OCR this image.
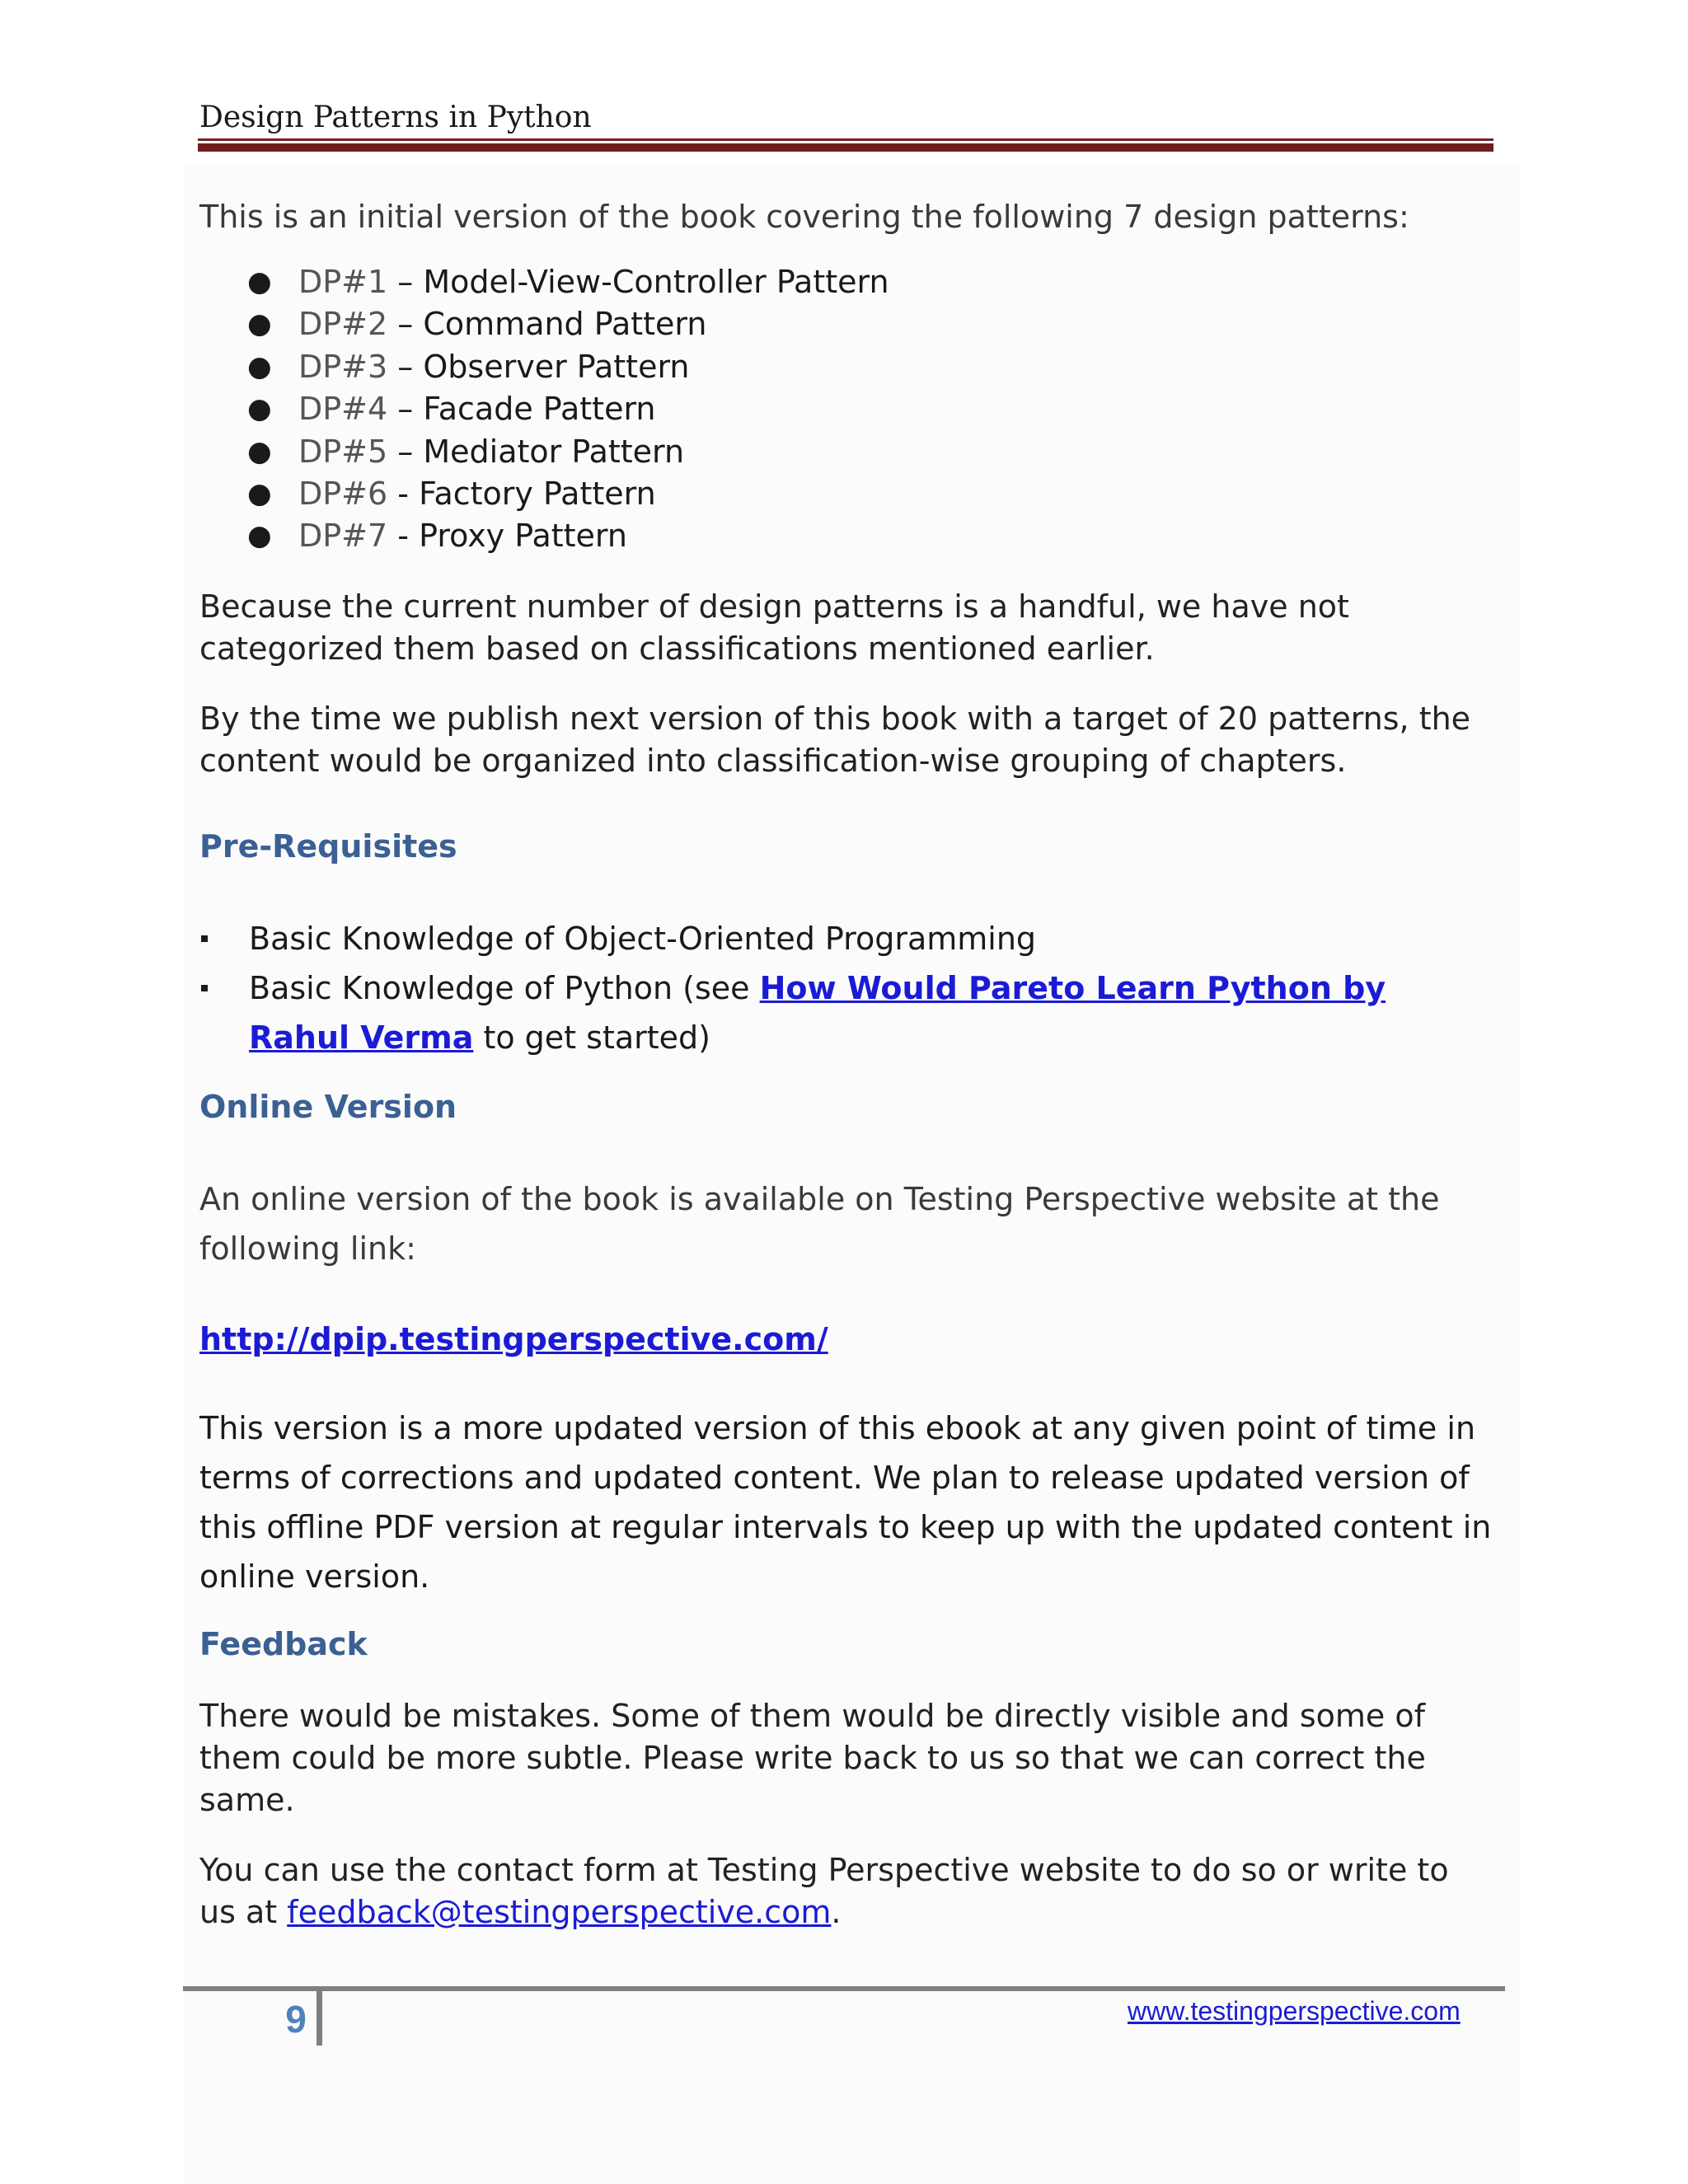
Design Patterns in Python

This is an initial version of the book covering the following 7 design patterns:

● DP#1 – Model-View-Controller Pattern
● DP#2 – Command Pattern
● DP#3 – Observer Pattern
● DP#4 – Facade Pattern
● DP#5 – Mediator Pattern
● DP#6 - Factory Pattern
● DP#7 - Proxy Pattern

Because the current number of design patterns is a handful, we have not categorized them based on classifications mentioned earlier.

By the time we publish next version of this book with a target of 20 patterns, the content would be organized into classification-wise grouping of chapters.

Pre-Requisites
Basic Knowledge of Object-Oriented Programming
Basic Knowledge of Python (see How Would Pareto Learn Python by Rahul Verma to get started)
Online Version

An online version of the book is available on Testing Perspective website at the following link:

http://dpip.testingperspective.com/

This version is a more updated version of this ebook at any given point of time in terms of corrections and updated content. We plan to release updated version of this offline PDF version at regular intervals to keep up with the updated content in online version.

Feedback

There would be mistakes. Some of them would be directly visible and some of them could be more subtle. Please write back to us so that we can correct the same.

You can use the contact form at Testing Perspective website to do so or write to us at feedback@testingperspective.com.

9	www.testingperspective.com
